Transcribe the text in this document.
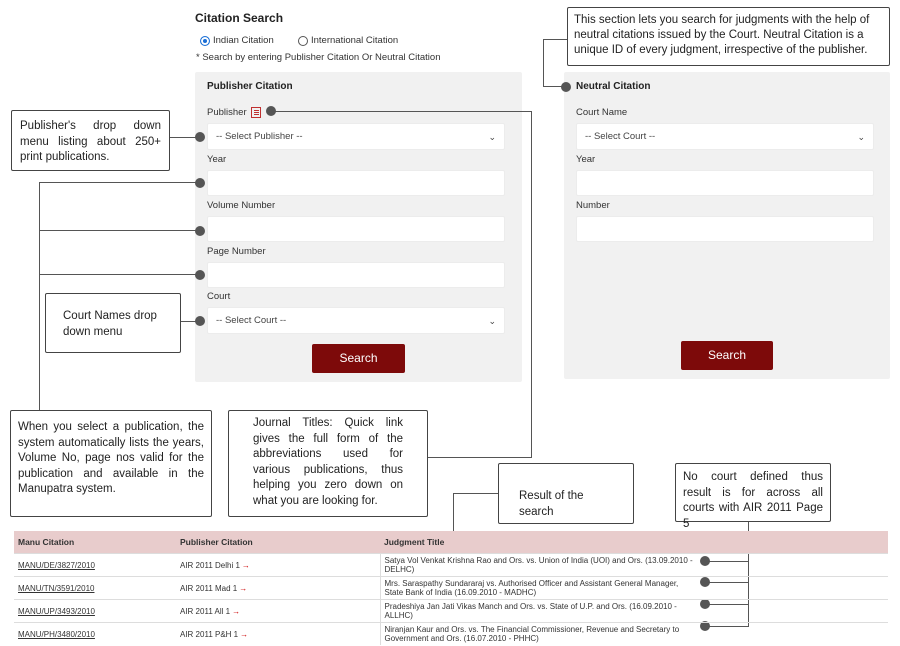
Citation Search
Indian Citation	International Citation
* Search by entering Publisher Citation Or Neutral Citation
Publisher Citation
Publisher
-- Select Publisher --	⌄
Year
Volume Number
Page Number
Court
-- Select Court --	⌄
Search
Neutral Citation
Court Name
-- Select Court --	⌄
Year
Number
Search
This section lets you search for judgments with the help of neutral citations issued by the Court. Neutral Citation is a unique ID of every judgment, irrespective of the publisher.
Publisher's drop down menu listing about 250+ print publications.
Court Names drop down menu
When you select a publication, the system automatically lists the years, Volume No, page nos valid for the publication and available in the Manupatra system.
Journal Titles: Quick link gives the full form of the abbreviations used for various publications, thus helping you zero down on what you are looking for.	Result of the search
No court defined thus result is for across all courts with AIR 2011 Page 5
Manu Citation	Publisher Citation	Judgment Title
MANU/DE/3827/2010	AIR 2011 Delhi 1 →	Satya Vol Venkat Krishna Rao and Ors. vs. Union of India (UOI) and Ors. (13.09.2010 - DELHC)

MANU/TN/3591/2010	AIR 2011 Mad 1 →	Mrs. Saraspathy Sundararaj vs. Authorised Officer and Assistant General Manager, State Bank of India (16.09.2010 - MADHC)

MANU/UP/3493/2010	AIR 2011 All 1 →	Pradeshiya Jan Jati Vikas Manch and Ors. vs. State of U.P. and Ors. (16.09.2010 - ALLHC)

MANU/PH/3480/2010	AIR 2011 P&H 1 →	Niranjan Kaur and Ors. vs. The Financial Commissioner, Revenue and Secretary to Government and Ors. (16.07.2010 - PHHC)
